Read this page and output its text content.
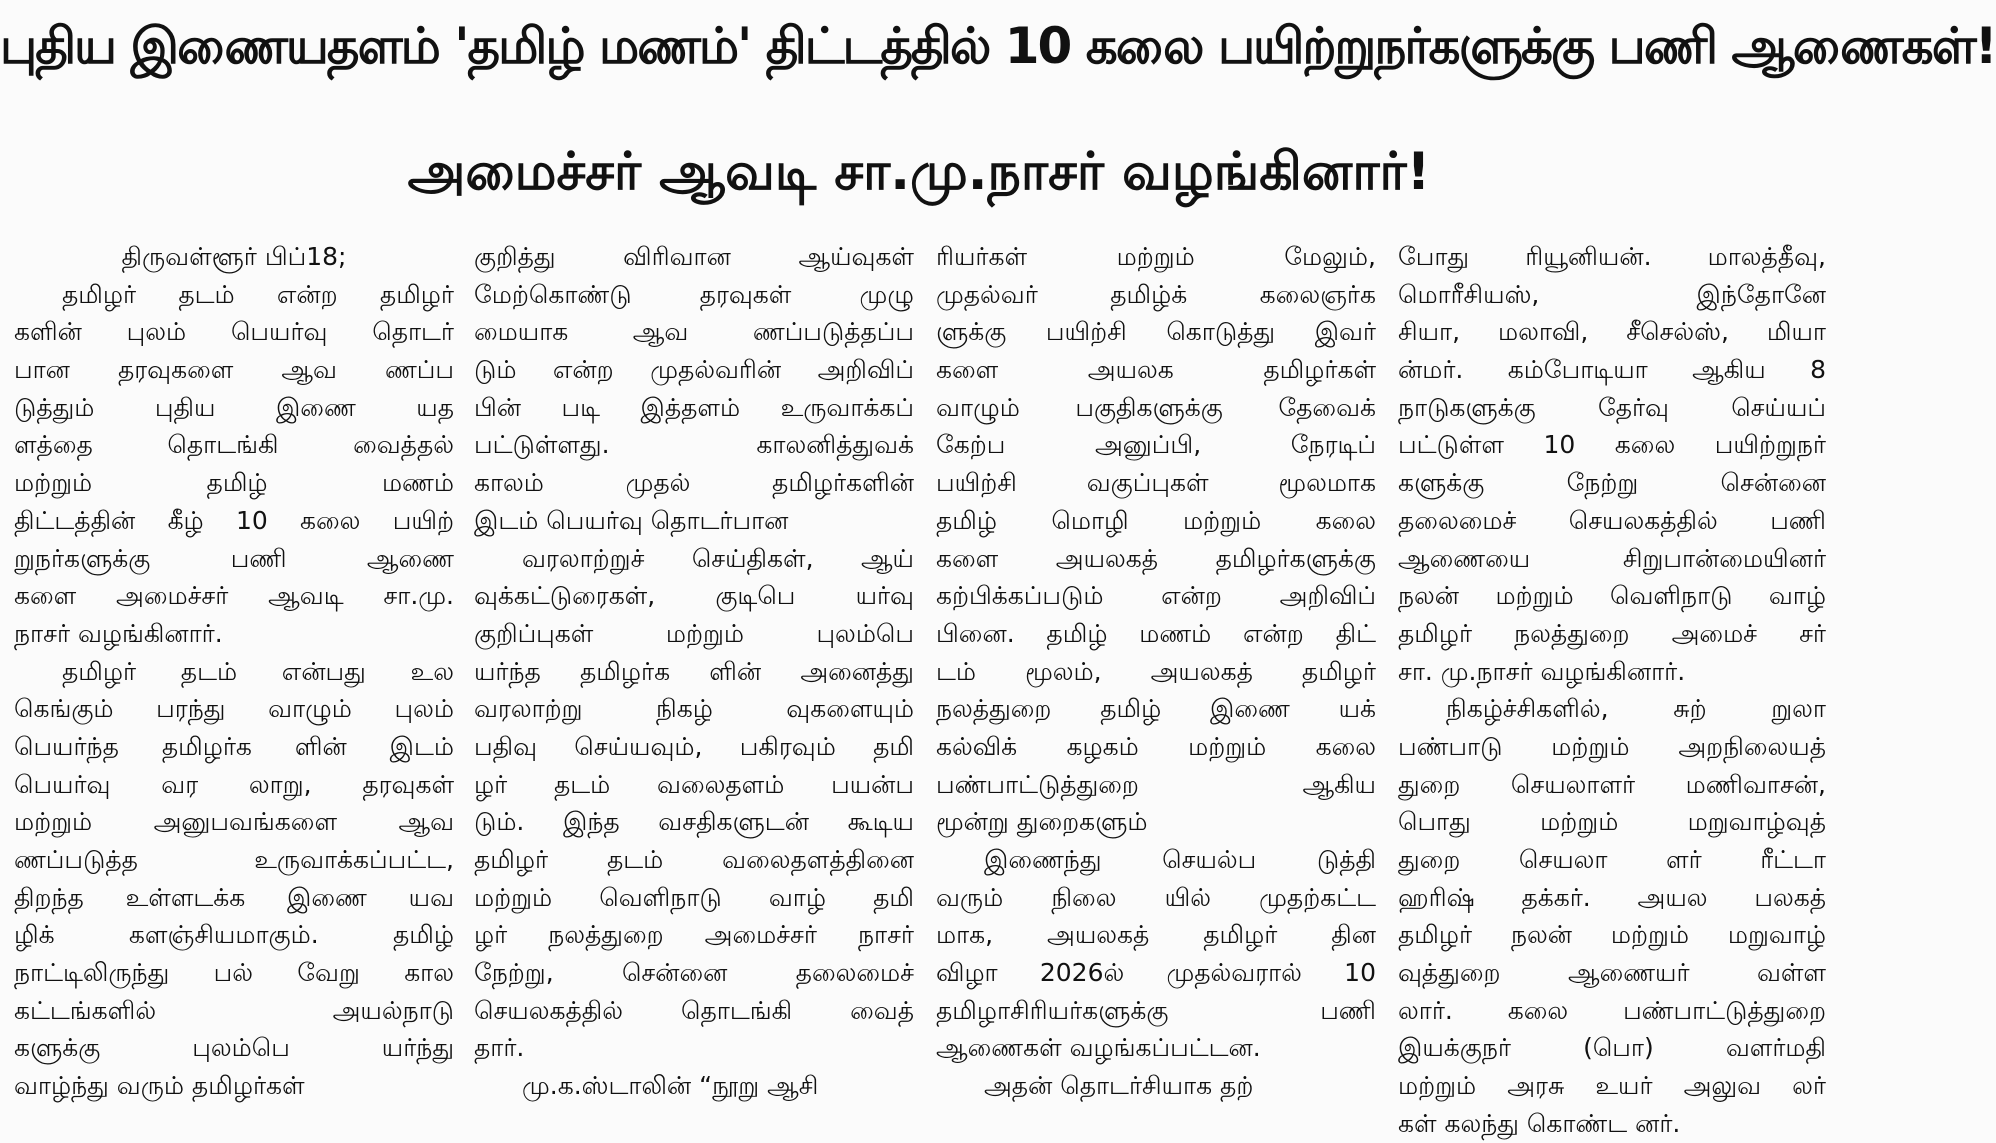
புதிய இணையதளம் 'தமிழ் மணம்' திட்டத்தில் 10 கலை பயிற்றுநர்களுக்கு பணி ஆணைகள்!
அமைச்சர் ஆவடி சா.மு.நாசர் வழங்கினார்!
திருவள்ளூர் பிப்18;
தமிழர் தடம் என்ற தமிழர்
களின் புலம் பெயர்வு தொடர்
பான தரவுகளை ஆவ ணப்ப
டுத்தும் புதிய இணை யத
ளத்தை தொடங்கி வைத்தல்
மற்றும் தமிழ் மணம்
திட்டத்தின் கீழ் 10 கலை பயிற்
றுநர்களுக்கு பணி ஆணை
களை அமைச்சர் ஆவடி சா.மு.
நாசர் வழங்கினார்.
தமிழர் தடம் என்பது உல
கெங்கும் பரந்து வாழும் புலம்
பெயர்ந்த தமிழர்க ளின் இடம்
பெயர்வு வர லாறு, தரவுகள்
மற்றும் அனுபவங்களை ஆவ
ணப்படுத்த உருவாக்கப்பட்ட,
திறந்த உள்ளடக்க இணை யவ
ழிக் களஞ்சியமாகும். தமிழ்
நாட்டிலிருந்து பல் வேறு கால
கட்டங்களில் அயல்நாடு
களுக்கு புலம்பெ யர்ந்து
வாழ்ந்து வரும் தமிழர்கள்
குறித்து விரிவான ஆய்வுகள்
மேற்கொண்டு தரவுகள் முழு
மையாக ஆவ ணப்படுத்தப்ப
டும் என்ற முதல்வரின் அறிவிப்
பின் படி இத்தளம் உருவாக்கப்
பட்டுள்ளது. காலனித்துவக்
காலம் முதல் தமிழர்களின்
இடம் பெயர்வு தொடர்பான
வரலாற்றுச் செய்திகள், ஆய்
வுக்கட்டுரைகள், குடிபெ யர்வு
குறிப்புகள் மற்றும் புலம்பெ
யர்ந்த தமிழர்க ளின் அனைத்து
வரலாற்று நிகழ் வுகளையும்
பதிவு செய்யவும், பகிரவும் தமி
ழர் தடம் வலைதளம் பயன்ப
டும். இந்த வசதிகளுடன் கூடிய
தமிழர் தடம் வலைதளத்தினை
மற்றும் வெளிநாடு வாழ் தமி
ழர் நலத்துறை அமைச்சர் நாசர்
நேற்று, சென்னை தலைமைச்
செயலகத்தில் தொடங்கி வைத்
தார்.
மு.க.ஸ்டாலின் “நூறு ஆசி
ரியர்கள் மற்றும் மேலும்,
முதல்வர் தமிழ்க் கலைஞர்க
ளுக்கு பயிற்சி கொடுத்து இவர்
களை அயலக தமிழர்கள்
வாழும் பகுதிகளுக்கு தேவைக்
கேற்ப அனுப்பி, நேரடிப்
பயிற்சி வகுப்புகள் மூலமாக
தமிழ் மொழி மற்றும் கலை
களை அயலகத் தமிழர்களுக்கு
கற்பிக்கப்படும் என்ற அறிவிப்
பினை. தமிழ் மணம் என்ற திட்
டம் மூலம், அயலகத் தமிழர்
நலத்துறை தமிழ் இணை யக்
கல்விக் கழகம் மற்றும் கலை
பண்பாட்டுத்துறை ஆகிய
மூன்று துறைகளும்
இணைந்து செயல்ப டுத்தி
வரும் நிலை யில் முதற்கட்ட
மாக, அயலகத் தமிழர் தின
விழா 2026ல் முதல்வரால் 10
தமிழாசிரியர்களுக்கு பணி
ஆணைகள் வழங்கப்பட்டன.
அதன் தொடர்சியாக தற்
போது ரியூனியன். மாலத்தீவு,
மொரீசியஸ், இந்தோனே
சியா, மலாவி, சீசெல்ஸ், மியா
ன்மர். கம்போடியா ஆகிய 8
நாடுகளுக்கு தேர்வு செய்யப்
பட்டுள்ள 10 கலை பயிற்றுநர்
களுக்கு நேற்று சென்னை
தலைமைச் செயலகத்தில் பணி
ஆணையை சிறுபான்மையினர்
நலன் மற்றும் வெளிநாடு வாழ்
தமிழர் நலத்துறை அமைச் சர்
சா. மு.நாசர் வழங்கினார்.
நிகழ்ச்சிகளில், சுற் றுலா
பண்பாடு மற்றும் அறநிலையத்
துறை செயலாளர் மணிவாசன்,
பொது மற்றும் மறுவாழ்வுத்
துறை செயலா ளர் ரீட்டா
ஹரிஷ் தக்கர். அயல பலகத்
தமிழர் நலன் மற்றும் மறுவாழ்
வுத்துறை ஆணையர் வள்ள
லார். கலை பண்பாட்டுத்துறை
இயக்குநர் (பொ) வளர்மதி
மற்றும் அரசு உயர் அலுவ லர்
கள் கலந்து கொண்ட னர்.
